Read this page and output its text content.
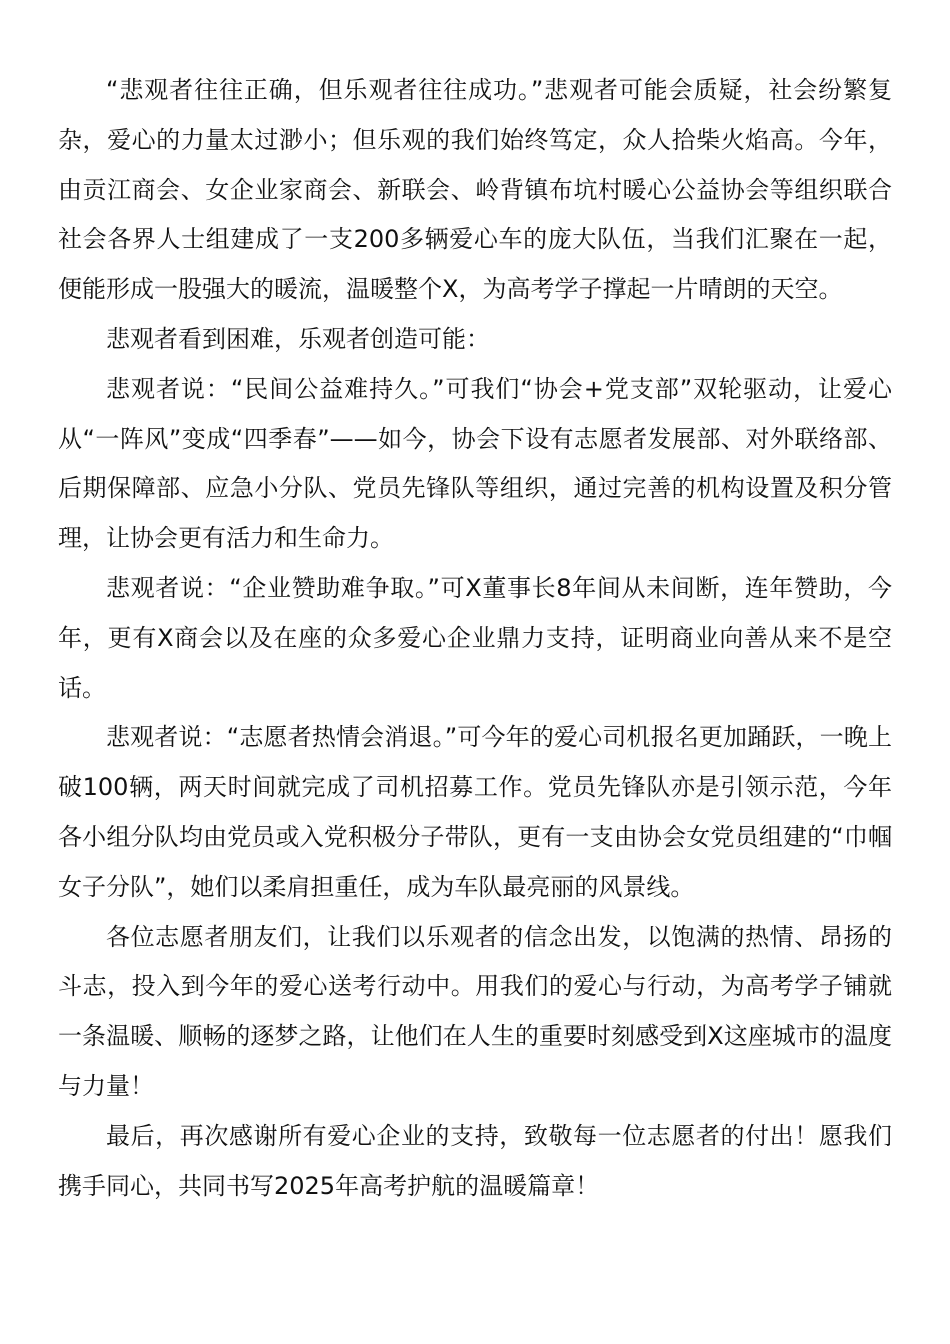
“悲观者往往正确，但乐观者往往成功。”悲观者可能会质疑，社会纷繁复杂，爱心的力量太过渺小；但乐观的我们始终笃定，众人拾柴火焰高。今年，由贡江商会、女企业家商会、新联会、岭背镇布坑村暖心公益协会等组织联合社会各界人士组建成了一支200多辆爱心车的庞大队伍，当我们汇聚在一起，便能形成一股强大的暖流，温暖整个X，为高考学子撑起一片晴朗的天空。

悲观者看到困难，乐观者创造可能：

悲观者说：“民间公益难持久。”可我们“协会+党支部”双轮驱动，让爱心从“一阵风”变成“四季春”——如今，协会下设有志愿者发展部、对外联络部、后期保障部、应急小分队、党员先锋队等组织，通过完善的机构设置及积分管理，让协会更有活力和生命力。

悲观者说：“企业赞助难争取。”可X董事长8年间从未间断，连年赞助，今年，更有X商会以及在座的众多爱心企业鼎力支持，证明商业向善从来不是空话。

悲观者说：“志愿者热情会消退。”可今年的爱心司机报名更加踊跃，一晚上破100辆，两天时间就完成了司机招募工作。党员先锋队亦是引领示范，今年各小组分队均由党员或入党积极分子带队，更有一支由协会女党员组建的“巾帼女子分队”，她们以柔肩担重任，成为车队最亮丽的风景线。

各位志愿者朋友们，让我们以乐观者的信念出发，以饱满的热情、昂扬的斗志，投入到今年的爱心送考行动中。用我们的爱心与行动，为高考学子铺就一条温暖、顺畅的逐梦之路，让他们在人生的重要时刻感受到X这座城市的温度与力量！

最后，再次感谢所有爱心企业的支持，致敬每一位志愿者的付出！愿我们携手同心，共同书写2025年高考护航的温暖篇章！
